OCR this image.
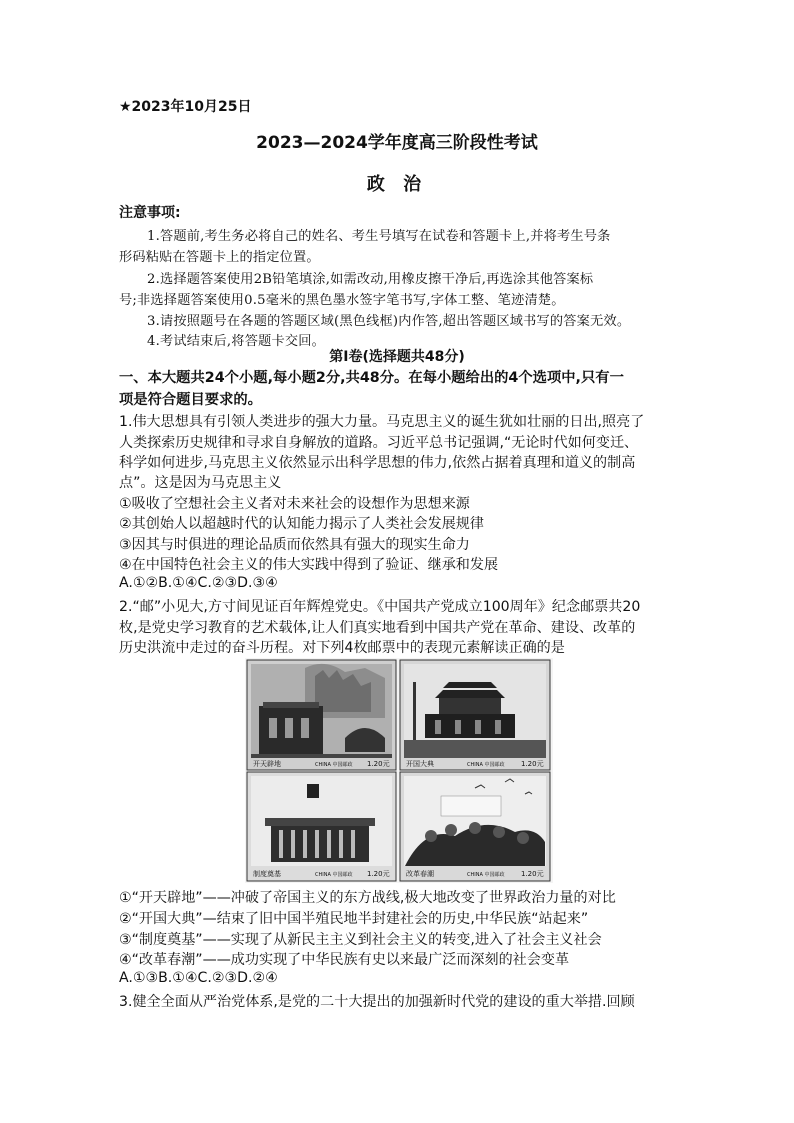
★2023年10月25日
2023—2024学年度高三阶段性考试
政 治
注意事项:
1.答题前,考生务必将自己的姓名、考生号填写在试卷和答题卡上,并将考生号条
形码粘贴在答题卡上的指定位置。
2.选择题答案使用2B铅笔填涂,如需改动,用橡皮擦干净后,再选涂其他答案标
号;非选择题答案使用0.5毫米的黑色墨水签字笔书写,字体工整、笔迹清楚。
3.请按照题号在各题的答题区域(黑色线框)内作答,超出答题区域书写的答案无效。
4.考试结束后,将答题卡交回。
第Ⅰ卷(选择题共48分)
一、本大题共24个小题,每小题2分,共48分。在每小题给出的4个选项中,只有一
项是符合题目要求的。
1.伟大思想具有引领人类进步的强大力量。马克思主义的诞生犹如壮丽的日出,照亮了
人类探索历史规律和寻求自身解放的道路。习近平总书记强调,“无论时代如何变迁、
科学如何进步,马克思主义依然显示出科学思想的伟力,依然占据着真理和道义的制高
点”。这是因为马克思主义
①吸收了空想社会主义者对未来社会的设想作为思想来源
②其创始人以超越时代的认知能力揭示了人类社会发展规律
③因其与时俱进的理论品质而依然具有强大的现实生命力
④在中国特色社会主义的伟大实践中得到了验证、继承和发展
A.①②B.①④C.②③D.③④
2.“邮”小见大,方寸间见证百年辉煌党史。《中国共产党成立100周年》纪念邮票共20
枚,是党史学习教育的艺术载体,让人们真实地看到中国共产党在革命、建设、改革的
历史洪流中走过的奋斗历程。对下列4枚邮票中的表现元素解读正确的是
开天辟地	CHINA 中国邮政 1.20元 开国大典	CHINA 中国邮政 1.20元
制度奠基	CHINA 中国邮政 1.20元 改革春潮	CHINA 中国邮政 1.20元
①“开天辟地”——冲破了帝国主义的东方战线,极大地改变了世界政治力量的对比
②“开国大典”—结束了旧中国半殖民地半封建社会的历史,中华民族“站起来”
③“制度奠基”——实现了从新民主主义到社会主义的转变,进入了社会主义社会
④“改革春潮”——成功实现了中华民族有史以来最广泛而深刻的社会变革
A.①③B.①④C.②③D.②④
3.健全全面从严治党体系,是党的二十大提出的加强新时代党的建设的重大举措.回顾
